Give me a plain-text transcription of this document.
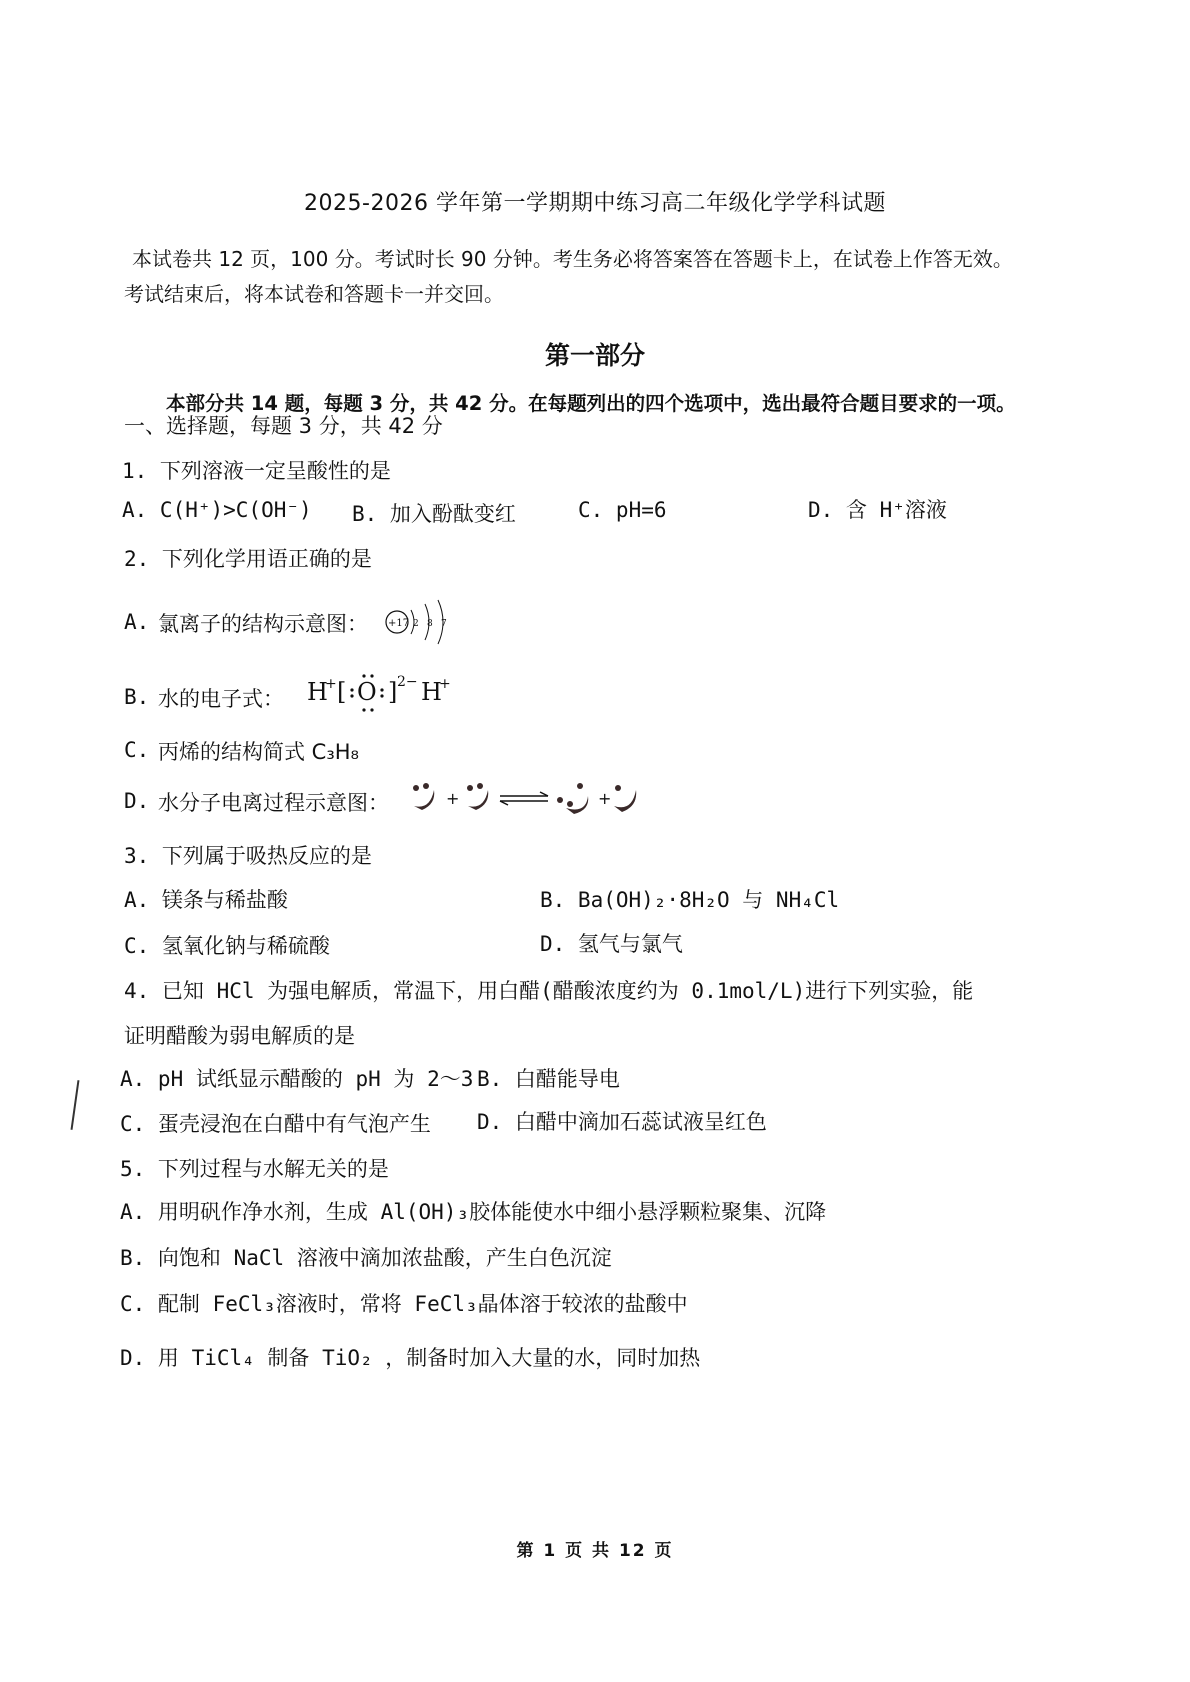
2025-2026 学年第一学期期中练习高二年级化学学科试题
本试卷共 12 页，100 分。考试时长 90 分钟。考生务必将答案答在答题卡上，在试卷上作答无效。
考试结束后，将本试卷和答题卡一并交回。
第一部分
本部分共 14 题，每题 3 分，共 42 分。在每题列出的四个选项中，选出最符合题目要求的一项。
一、选择题，每题 3 分，共 42 分
1. 下列溶液一定呈酸性的是
A. C(H⁺)>C(OH⁻) B. 加入酚酞变红	C. pH=6	D. 含 H⁺溶液
2. 下列化学用语正确的是
A. 氯离子的结构示意图： +17 2 8 7
B. 水的电子式： H
+ [ O ] 2− H
+
C. 丙烯的结构简式 C₃H₈
D. 水分子电离过程示意图：	+	+
3. 下列属于吸热反应的是
A. 镁条与稀盐酸	B. Ba(OH)₂·8H₂O 与 NH₄Cl
C. 氢氧化钠与稀硫酸	D. 氢气与氯气
4. 已知 HCl 为强电解质，常温下，用白醋(醋酸浓度约为 0.1mol/L)进行下列实验，能
证明醋酸为弱电解质的是
A. pH 试纸显示醋酸的 pH 为 2～3 B. 白醋能导电
C. 蛋壳浸泡在白醋中有气泡产生 D. 白醋中滴加石蕊试液呈红色
5. 下列过程与水解无关的是
A. 用明矾作净水剂，生成 Al(OH)₃胶体能使水中细小悬浮颗粒聚集、沉降
B. 向饱和 NaCl 溶液中滴加浓盐酸，产生白色沉淀
C. 配制 FeCl₃溶液时，常将 FeCl₃晶体溶于较浓的盐酸中
D. 用 TiCl₄ 制备 TiO₂ ，制备时加入大量的水，同时加热
第 1 页 共 12 页
